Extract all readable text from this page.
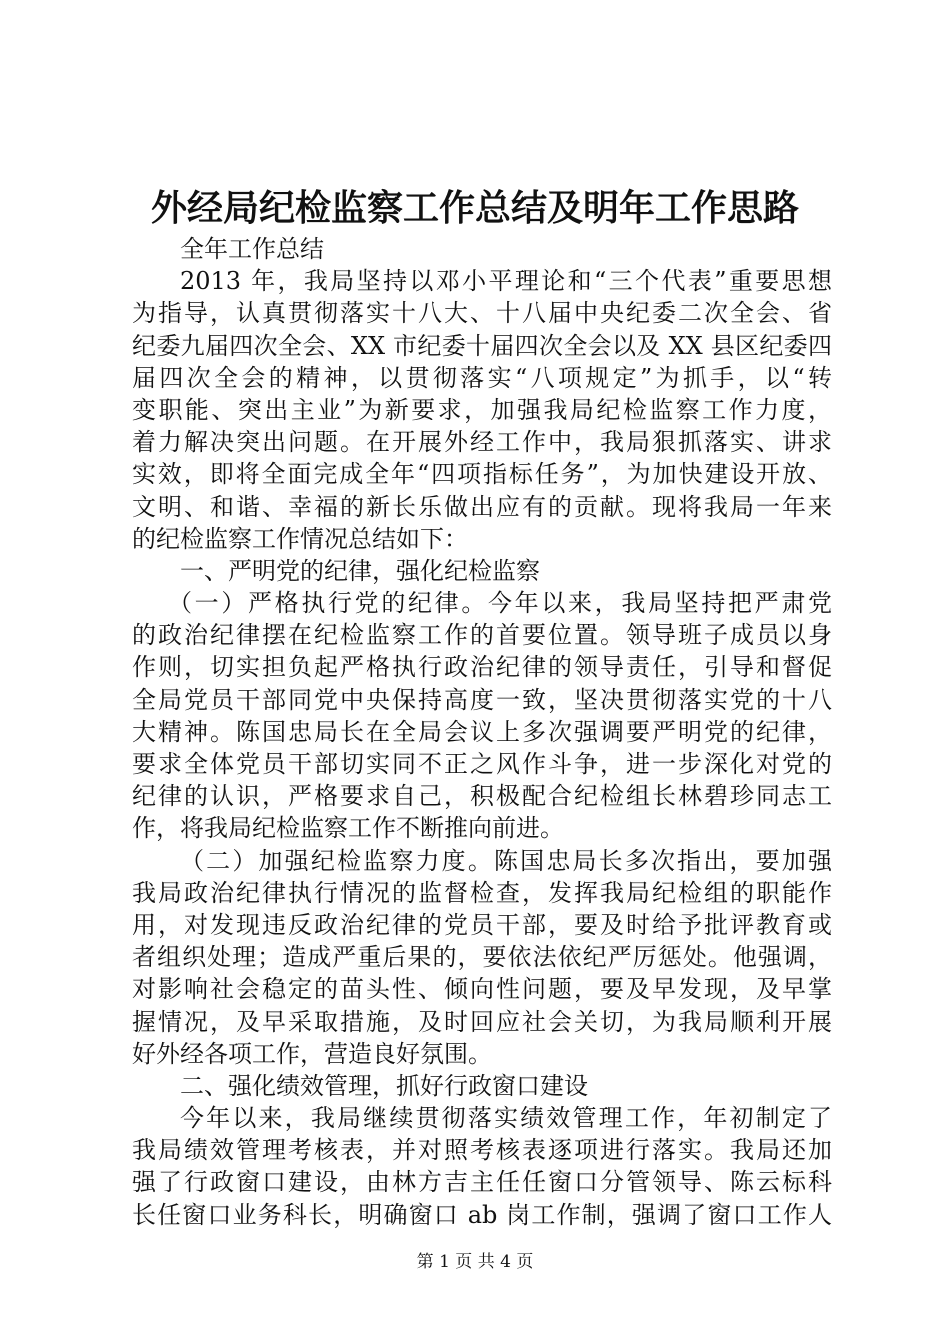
外经局纪检监察工作总结及明年工作思路
全年工作总结
2013 年，我局坚持以邓小平理论和“三个代表”重要思想
为指导，认真贯彻落实十八大、十八届中央纪委二次全会、省
纪委九届四次全会、XX 市纪委十届四次全会以及 XX 县区纪委四
届四次全会的精神，以贯彻落实“八项规定”为抓手，以“转
变职能、突出主业”为新要求，加强我局纪检监察工作力度，
着力解决突出问题。在开展外经工作中，我局狠抓落实、讲求
实效，即将全面完成全年“四项指标任务”，为加快建设开放、
文明、和谐、幸福的新长乐做出应有的贡献。现将我局一年来
的纪检监察工作情况总结如下：
一、严明党的纪律，强化纪检监察
（一）严格执行党的纪律。今年以来，我局坚持把严肃党
的政治纪律摆在纪检监察工作的首要位置。领导班子成员以身
作则，切实担负起严格执行政治纪律的领导责任，引导和督促
全局党员干部同党中央保持高度一致，坚决贯彻落实党的十八
大精神。陈国忠局长在全局会议上多次强调要严明党的纪律，
要求全体党员干部切实同不正之风作斗争，进一步深化对党的
纪律的认识，严格要求自己，积极配合纪检组长林碧珍同志工
作，将我局纪检监察工作不断推向前进。
（二）加强纪检监察力度。陈国忠局长多次指出，要加强
我局政治纪律执行情况的监督检查，发挥我局纪检组的职能作
用，对发现违反政治纪律的党员干部，要及时给予批评教育或
者组织处理；造成严重后果的，要依法依纪严厉惩处。他强调，
对影响社会稳定的苗头性、倾向性问题，要及早发现，及早掌
握情况，及早采取措施，及时回应社会关切，为我局顺利开展
好外经各项工作，营造良好氛围。
二、强化绩效管理，抓好行政窗口建设
今年以来，我局继续贯彻落实绩效管理工作，年初制定了
我局绩效管理考核表，并对照考核表逐项进行落实。我局还加
强了行政窗口建设，由林方吉主任任窗口分管领导、陈云标科
长任窗口业务科长，明确窗口 ab 岗工作制，强调了窗口工作人
第 1 页 共 4 页
